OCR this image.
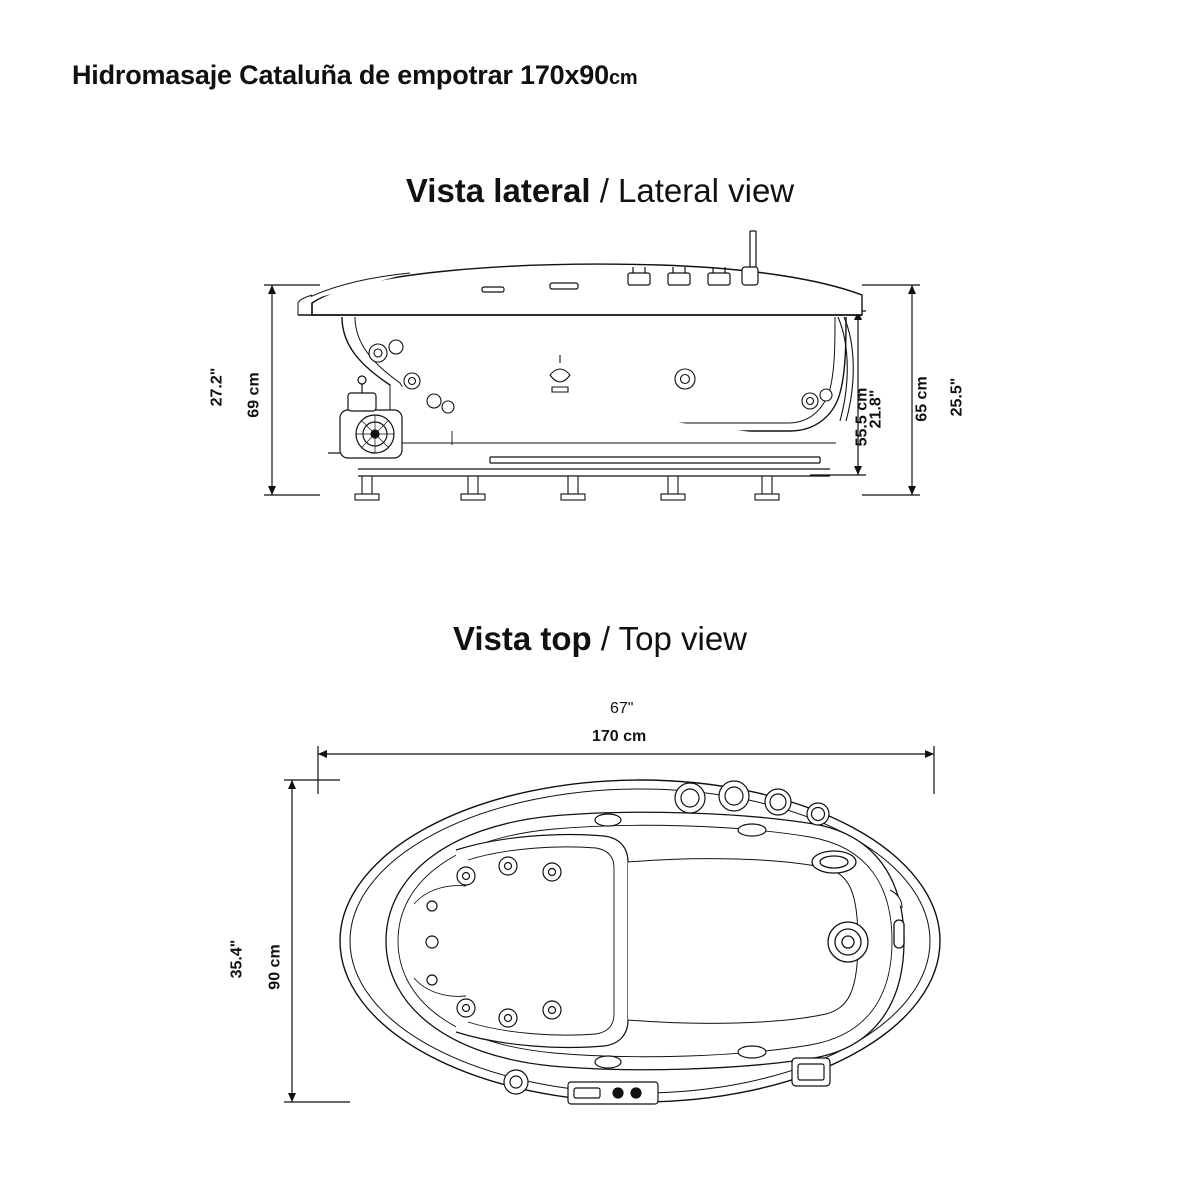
Hidromasaje Cataluña de empotrar 170x90cm
Vista lateral / Lateral view
27.2" 69 cm	21.8"
55.5 cm	65 cm 25.5"
Vista top / Top view
67"
170 cm
35.4" 90 cm
